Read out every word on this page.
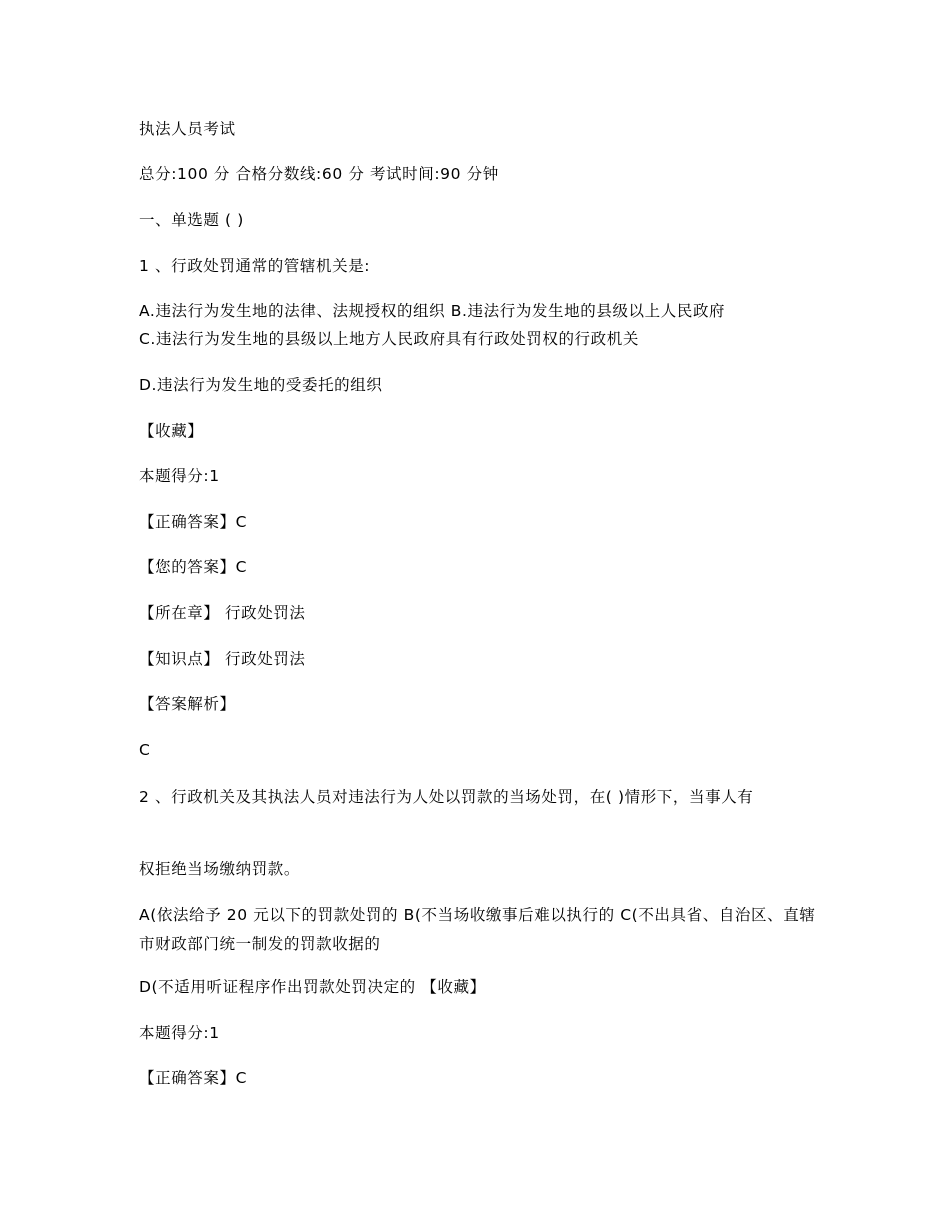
执法人员考试
总分:100 分 合格分数线:60 分 考试时间:90 分钟
一、单选题 ( )
1 、行政处罚通常的管辖机关是:
A.违法行为发生地的法律、法规授权的组织 B.违法行为发生地的县级以上人民政府
C.违法行为发生地的县级以上地方人民政府具有行政处罚权的行政机关
D.违法行为发生地的受委托的组织
【收藏】
本题得分:1
【正确答案】C
【您的答案】C
【所在章】 行政处罚法
【知识点】 行政处罚法
【答案解析】
C
2 、行政机关及其执法人员对违法行为人处以罚款的当场处罚，在( )情形下，当事人有
权拒绝当场缴纳罚款。
A(依法给予 20 元以下的罚款处罚的 B(不当场收缴事后难以执行的 C(不出具省、自治区、直辖市财政部门统一制发的罚款收据的
D(不适用听证程序作出罚款处罚决定的 【收藏】
本题得分:1
【正确答案】C
